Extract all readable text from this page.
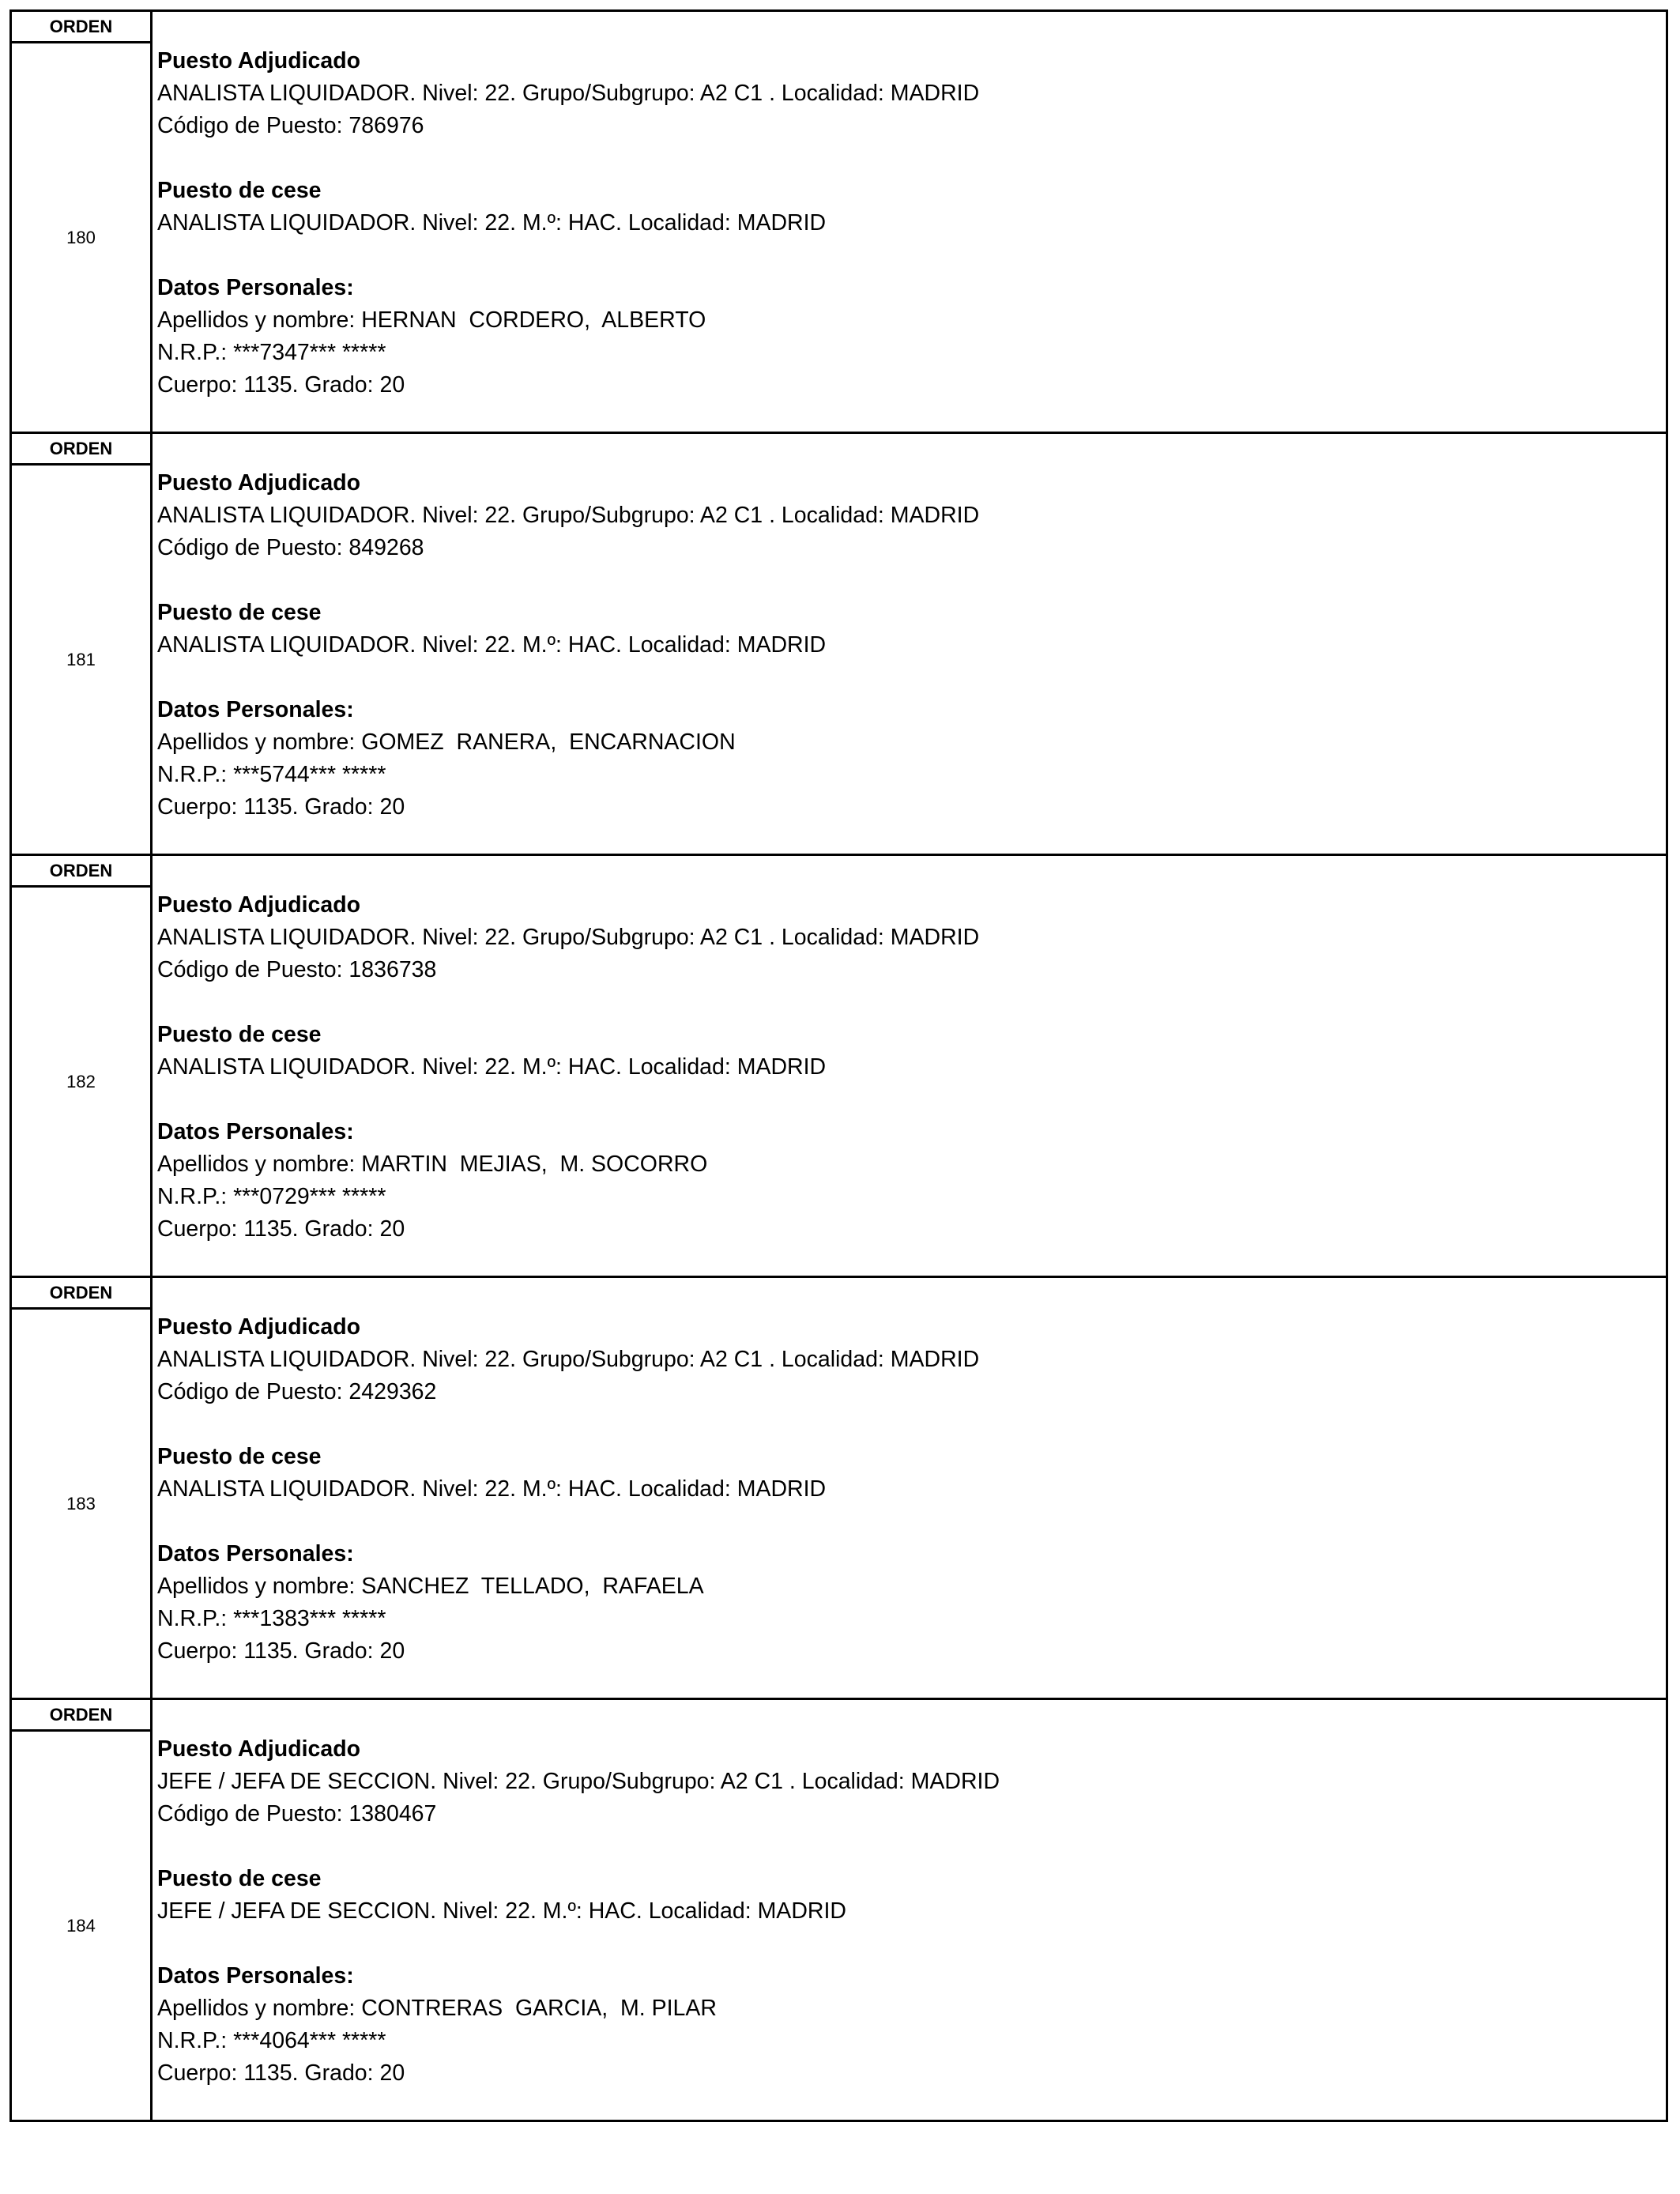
ORDEN
180
Puesto Adjudicado
ANALISTA LIQUIDADOR. Nivel: 22. Grupo/Subgrupo: A2 C1 . Localidad: MADRID
Código de Puesto: 786976
Puesto de cese
ANALISTA LIQUIDADOR. Nivel: 22. M.º: HAC. Localidad: MADRID
Datos Personales:
Apellidos y nombre: HERNAN  CORDERO,  ALBERTO
N.R.P.: ***7347*** *****
Cuerpo: 1135. Grado: 20
ORDEN
181
Puesto Adjudicado
ANALISTA LIQUIDADOR. Nivel: 22. Grupo/Subgrupo: A2 C1 . Localidad: MADRID
Código de Puesto: 849268
Puesto de cese
ANALISTA LIQUIDADOR. Nivel: 22. M.º: HAC. Localidad: MADRID
Datos Personales:
Apellidos y nombre: GOMEZ  RANERA,  ENCARNACION
N.R.P.: ***5744*** *****
Cuerpo: 1135. Grado: 20
ORDEN
182
Puesto Adjudicado
ANALISTA LIQUIDADOR. Nivel: 22. Grupo/Subgrupo: A2 C1 . Localidad: MADRID
Código de Puesto: 1836738
Puesto de cese
ANALISTA LIQUIDADOR. Nivel: 22. M.º: HAC. Localidad: MADRID
Datos Personales:
Apellidos y nombre: MARTIN  MEJIAS,  M. SOCORRO
N.R.P.: ***0729*** *****
Cuerpo: 1135. Grado: 20
ORDEN
183
Puesto Adjudicado
ANALISTA LIQUIDADOR. Nivel: 22. Grupo/Subgrupo: A2 C1 . Localidad: MADRID
Código de Puesto: 2429362
Puesto de cese
ANALISTA LIQUIDADOR. Nivel: 22. M.º: HAC. Localidad: MADRID
Datos Personales:
Apellidos y nombre: SANCHEZ  TELLADO,  RAFAELA
N.R.P.: ***1383*** *****
Cuerpo: 1135. Grado: 20
ORDEN
184
Puesto Adjudicado
JEFE / JEFA DE SECCION. Nivel: 22. Grupo/Subgrupo: A2 C1 . Localidad: MADRID
Código de Puesto: 1380467
Puesto de cese
JEFE / JEFA DE SECCION. Nivel: 22. M.º: HAC. Localidad: MADRID
Datos Personales:
Apellidos y nombre: CONTRERAS  GARCIA,  M. PILAR
N.R.P.: ***4064*** *****
Cuerpo: 1135. Grado: 20
